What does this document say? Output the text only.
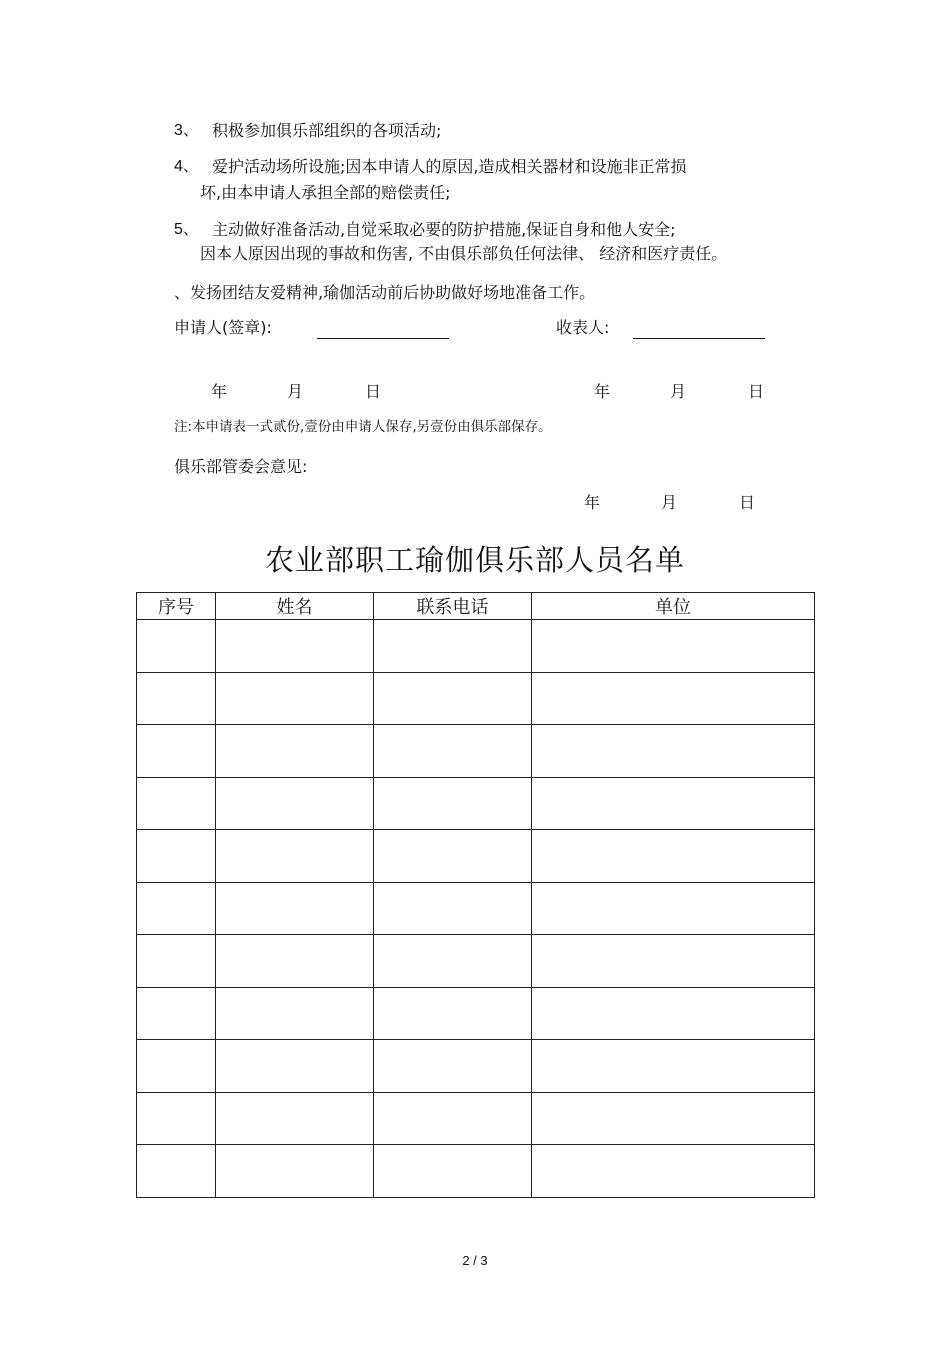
3、 积极参加俱乐部组织的各项活动;
4、 爱护活动场所设施;因本申请人的原因,造成相关器材和设施非正常损
坏,由本申请人承担全部的赔偿责任;
5、 主动做好准备活动,自觉采取必要的防护措施,保证自身和他人安全;
因本人原因出现的事故和伤害, 不由俱乐部负任何法律、 经济和医疗责任。
、发扬团结友爱精神,瑜伽活动前后协助做好场地准备工作。
申请人(签章):	收表人:
年	月	日	年	月	日
注:本申请表一式贰份,壹份由申请人保存,另壹份由俱乐部保存。
俱乐部管委会意见:
年	月	日
农业部职工瑜伽俱乐部人员名单
序号	姓名	联系电话	单位

2 / 3
